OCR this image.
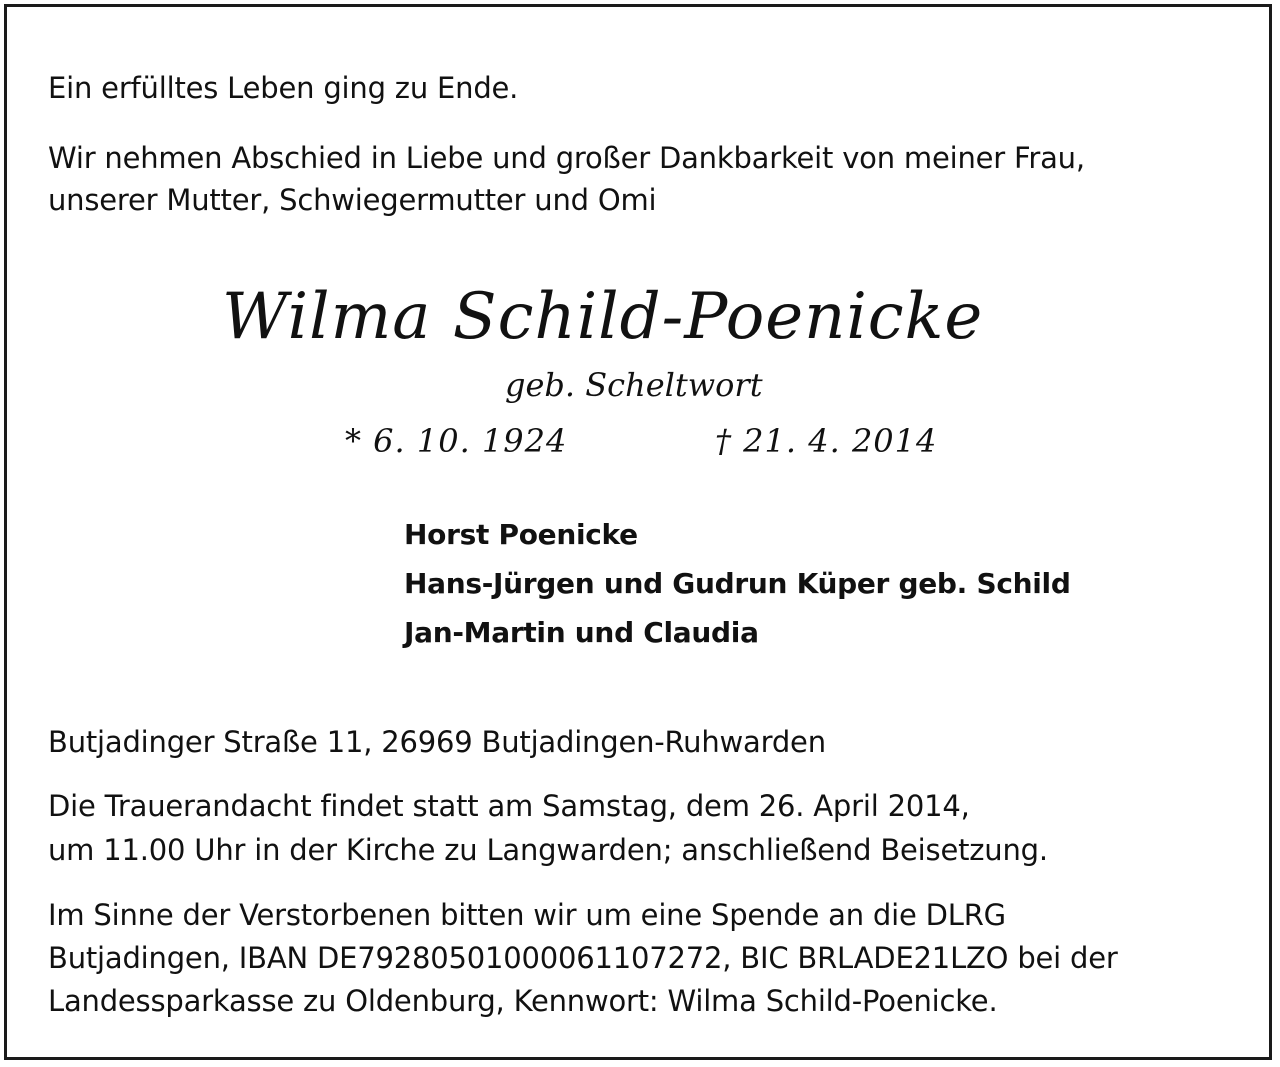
Ein erfülltes Leben ging zu Ende.

Wir nehmen Abschied in Liebe und großer Dankbarkeit von meiner Frau,

unserer Mutter, Schwiegermutter und Omi

Wilma Schild-Poenicke

geb. Scheltwort

* 6. 10. 1924	† 21. 4. 2014

Horst Poenicke

Hans-Jürgen und Gudrun Küper geb. Schild

Jan-Martin und Claudia

Butjadinger Straße 11, 26969 Butjadingen-Ruhwarden

Die Trauerandacht findet statt am Samstag, dem 26. April 2014,

um 11.00 Uhr in der Kirche zu Langwarden; anschließend Beisetzung.

Im Sinne der Verstorbenen bitten wir um eine Spende an die DLRG

Butjadingen, IBAN DE79280501000061107272, BIC BRLADE21LZO bei der

Landessparkasse zu Oldenburg, Kennwort: Wilma Schild-Poenicke.
